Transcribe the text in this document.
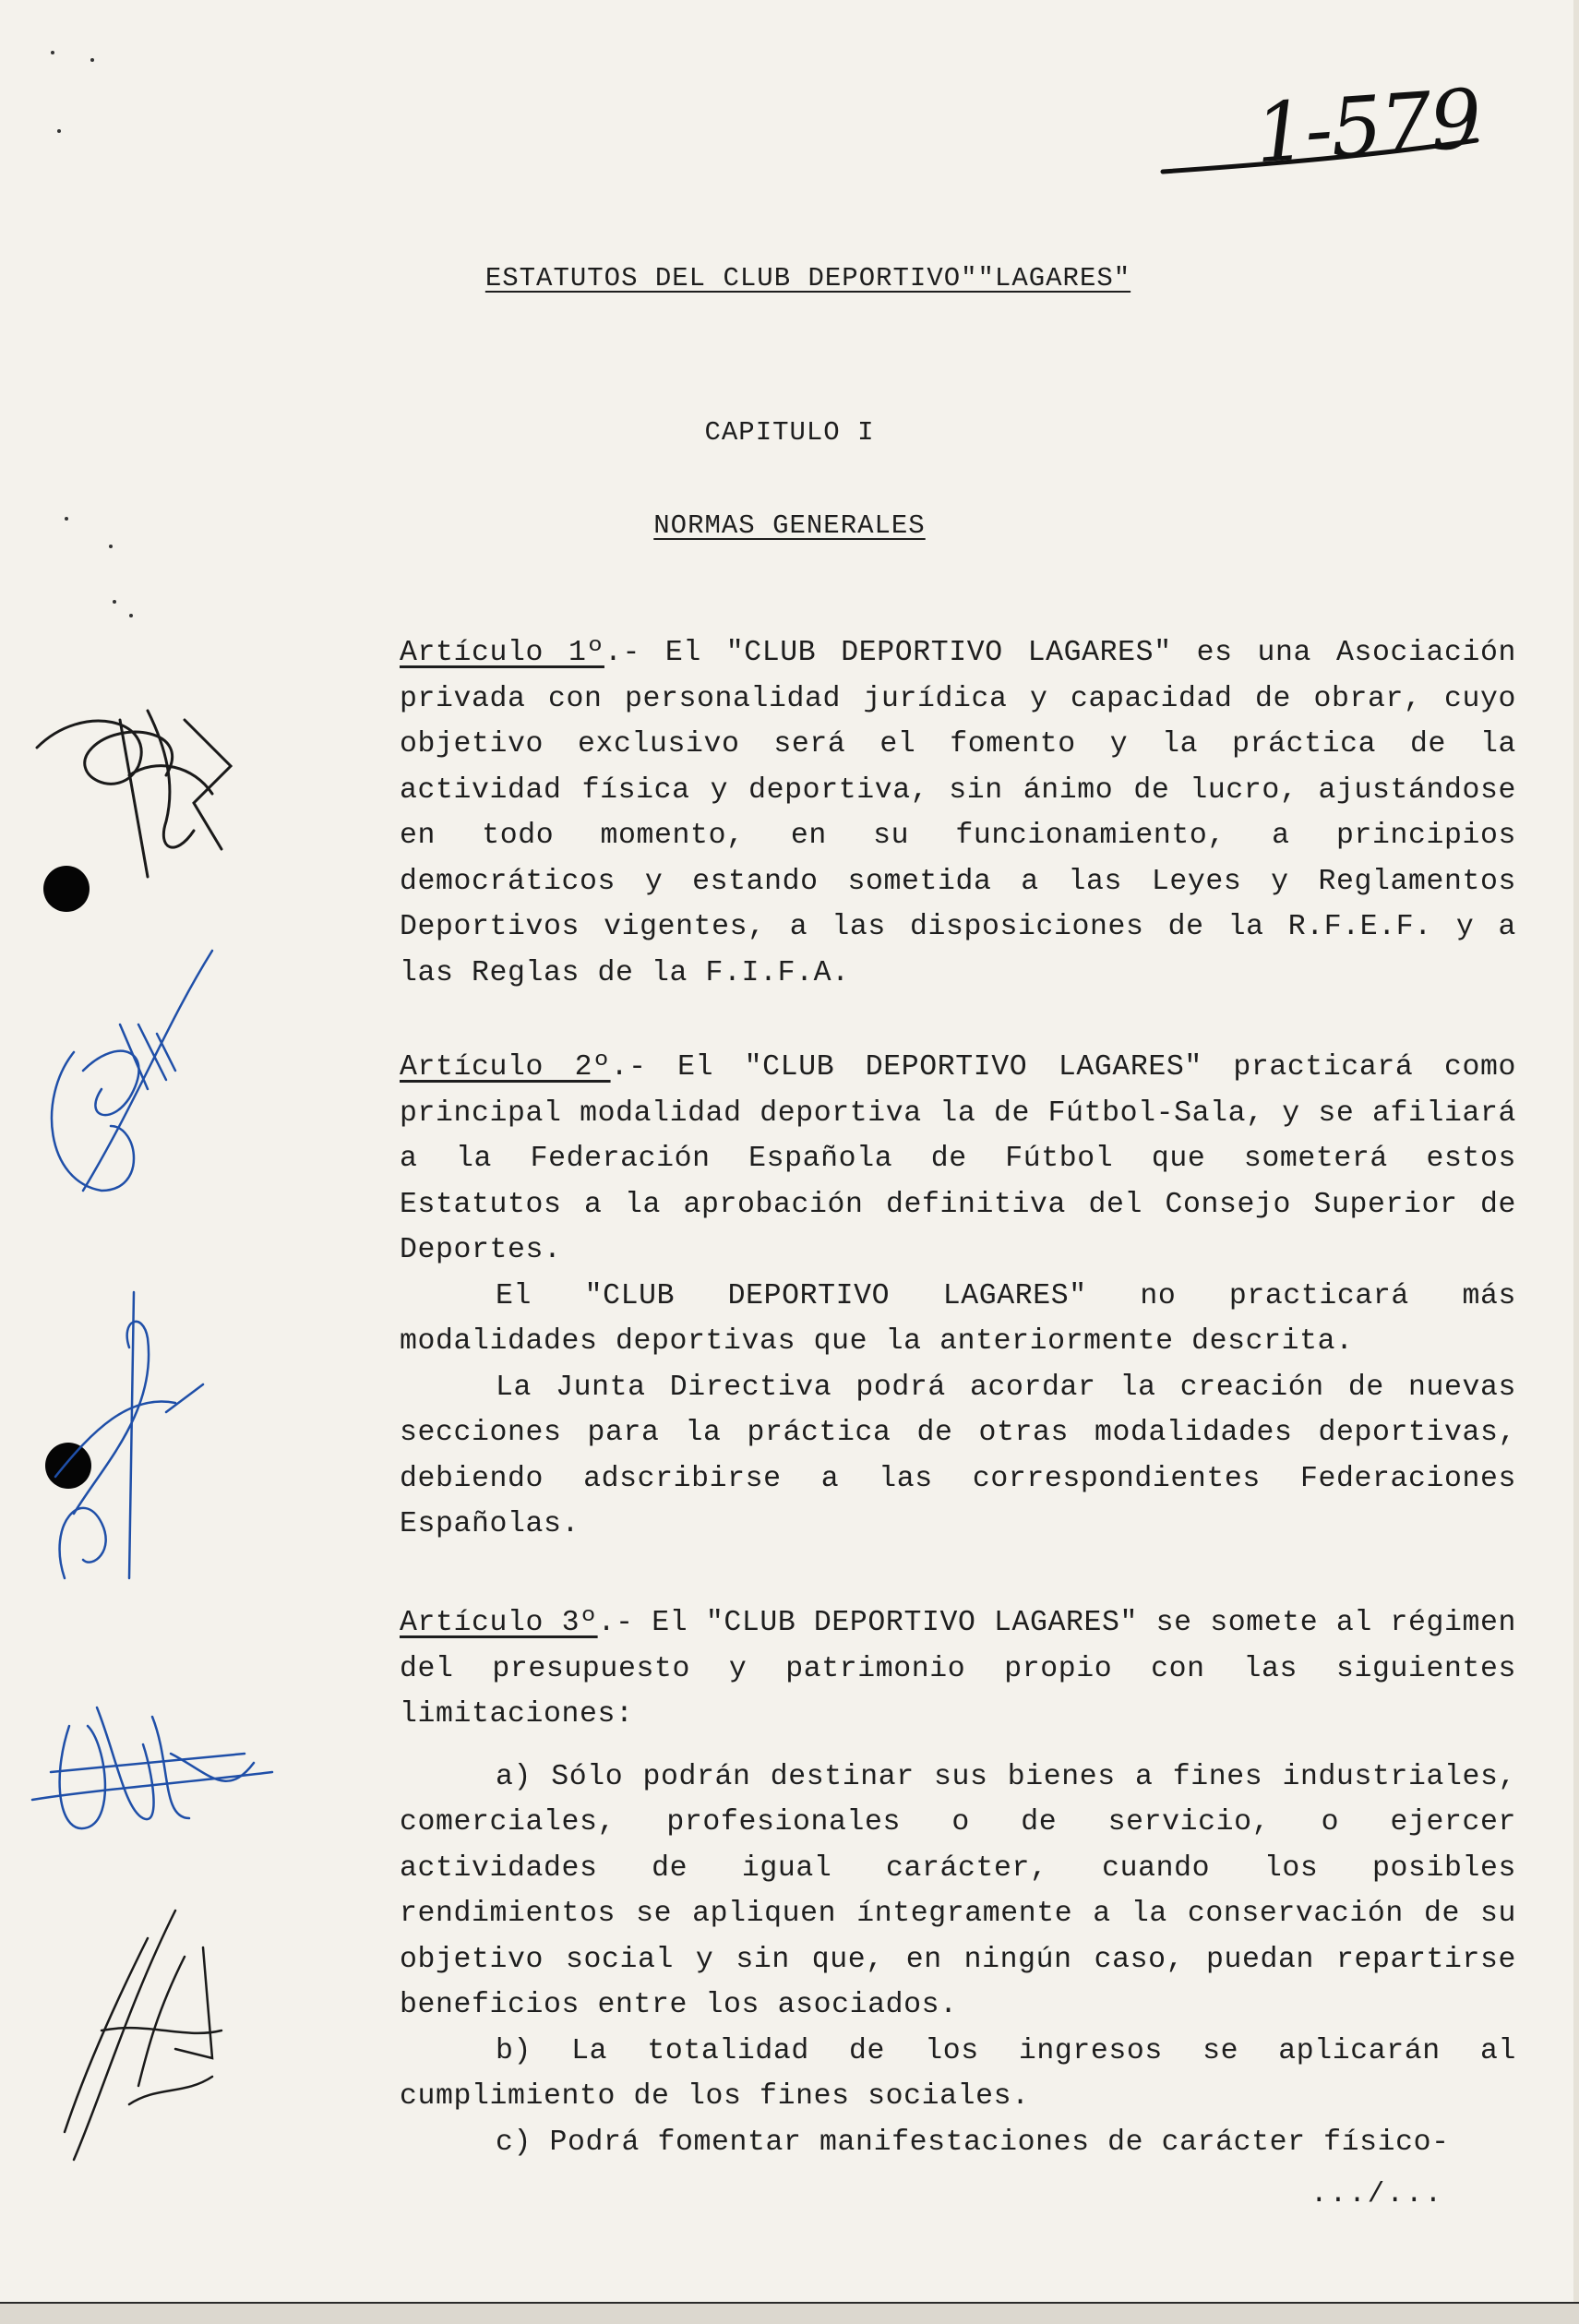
1-579
ESTATUTOS DEL CLUB DEPORTIVO""LAGARES"
CAPITULO I
NORMAS GENERALES

Artículo 1º.- El "CLUB DEPORTIVO LAGARES" es una Asociación privada con personalidad jurídica y capacidad de obrar, cuyo objetivo exclusivo será el fomento y la práctica de la actividad física y deportiva, sin ánimo de lucro, ajustándose en todo momento, en su funcionamiento, a principios democráticos y estando sometida a las Leyes y Reglamentos Deportivos vigentes, a las disposiciones de la R.F.E.F. y a las Reglas de la F.I.F.A.

Artículo 2º.- El "CLUB DEPORTIVO LAGARES" practicará como principal modalidad deportiva la de Fútbol-Sala, y se afiliará a la Federación Española de Fútbol que someterá estos Estatutos a la aprobación definitiva del Consejo Superior de Deportes.

El "CLUB DEPORTIVO LAGARES" no practicará más modalidades deportivas que la anteriormente descrita.

La Junta Directiva podrá acordar la creación de nuevas secciones para la práctica de otras modalidades deportivas, debiendo adscribirse a las correspondientes Federaciones Españolas.

Artículo 3º.- El "CLUB DEPORTIVO LAGARES" se somete al régimen del presupuesto y patrimonio propio con las siguientes limitaciones:

a) Sólo podrán destinar sus bienes a fines industriales, comerciales, profesionales o de servicio, o ejercer actividades de igual carácter, cuando los posibles rendimientos se apliquen íntegramente a la conservación de su objetivo social y sin que, en ningún caso, puedan repartirse beneficios entre los asociados.

b) La totalidad de los ingresos se aplicarán al cumplimiento de los fines sociales.

c) Podrá fomentar manifestaciones de carácter físico-

.../...
